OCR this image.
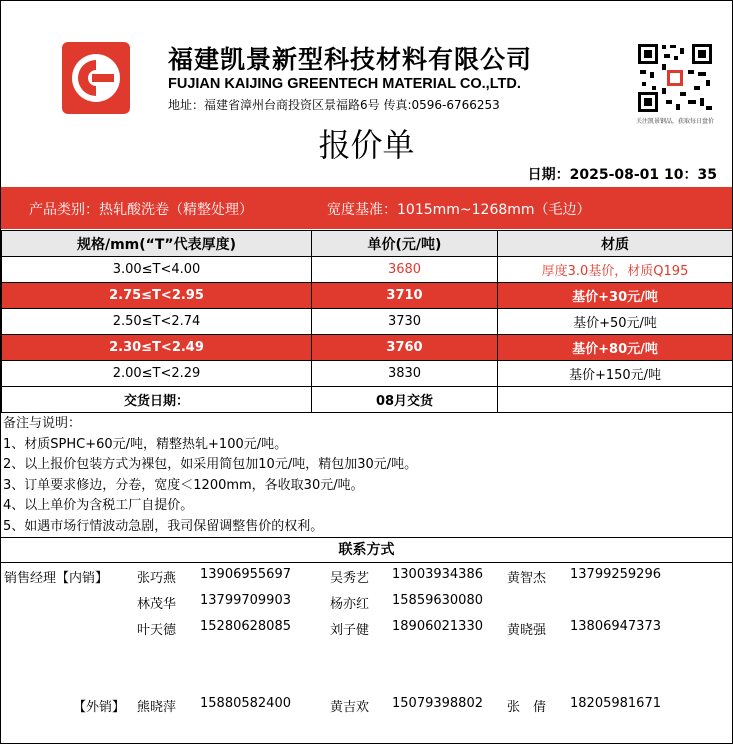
福建凯景新型科技材料有限公司
FUJIAN KAIJING GREENTECH MATERIAL CO.,LTD.
地址：福建省漳州台商投资区景福路6号 传真:0596-6766253
关注凯景钢品，获取每日盘价
报价单
日期：2025-08-01 10：35
产品类别：热轧酸洗卷（精整处理）	宽度基准：1015mm~1268mm（毛边）
规格/mm(“T”代表厚度)	单价(元/吨)	材质
3.00≤T<4.00	3680	厚度3.0基价，材质Q195
2.75≤T<2.95	3710	基价+30元/吨
2.50≤T<2.74	3730	基价+50元/吨
2.30≤T<2.49	3760	基价+80元/吨
2.00≤T<2.29	3830	基价+150元/吨
交货日期：	08月交货	
备注与说明：
1、材质SPHC+60元/吨，精整热轧+100元/吨。
2、以上报价包装方式为裸包，如采用简包加10元/吨，精包加30元/吨。
3、订单要求修边，分卷，宽度＜1200mm，各收取30元/吨。
4、以上单价为含税工厂自提价。
5、如遇市场行情波动急剧，我司保留调整售价的权利。
联系方式
销售经理【内销】 张巧燕 13906955697	吴秀艺 13003934386 黄智杰 13799259296
林茂华 13799709903	杨亦红 15859630080
叶天德 15280628085	刘子健 18906021330 黄晓强 13806947373
【外销】 熊晓萍 15880582400	黄吉欢 15079398802 张　倩 18205981671
